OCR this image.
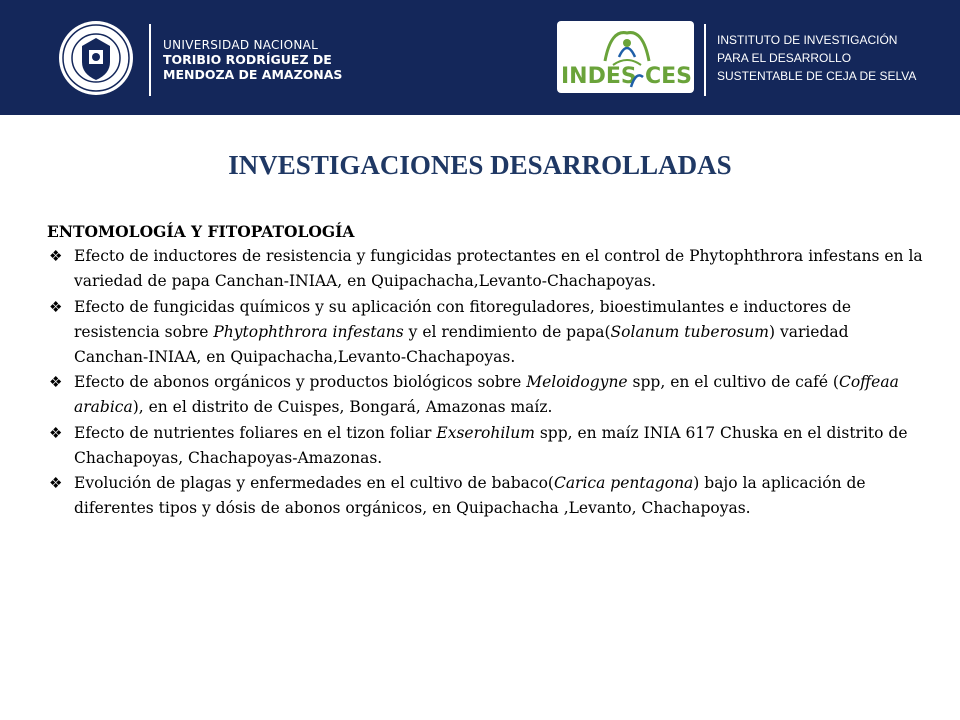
UNIVERSIDAD NACIONAL
TORIBIO RODRÍGUEZ DE
MENDOZA DE AMAZONAS	INDES CES
INSTITUTO DE INVESTIGACIÓN
PARA EL DESARROLLO
SUSTENTABLE DE CEJA DE SELVA
INVESTIGACIONES DESARROLLADAS

ENTOMOLOGÍA Y FITOPATOLOGÍA

❖ Efecto de inductores de resistencia y fungicidas protectantes en el control de Phytophthrora infestans en la variedad de papa Canchan-INIAA, en Quipachacha,Levanto-Chachapoyas.
❖ Efecto de fungicidas químicos y su aplicación con fitoreguladores, bioestimulantes e inductores de resistencia sobre Phytophthrora infestans y el rendimiento de papa(Solanum tuberosum) variedad Canchan-INIAA, en Quipachacha,Levanto-Chachapoyas.
❖ Efecto de abonos orgánicos y productos biológicos sobre Meloidogyne spp, en el cultivo de café (Coffeaa arabica), en el distrito de Cuispes, Bongará, Amazonas maíz.
❖ Efecto de nutrientes foliares en el tizon foliar Exserohilum spp, en maíz INIA 617 Chuska en el distrito de Chachapoyas, Chachapoyas-Amazonas.
❖ Evolución de plagas y enfermedades en el cultivo de babaco(Carica pentagona) bajo la aplicación de diferentes tipos y dósis de abonos orgánicos, en Quipachacha ,Levanto, Chachapoyas.
